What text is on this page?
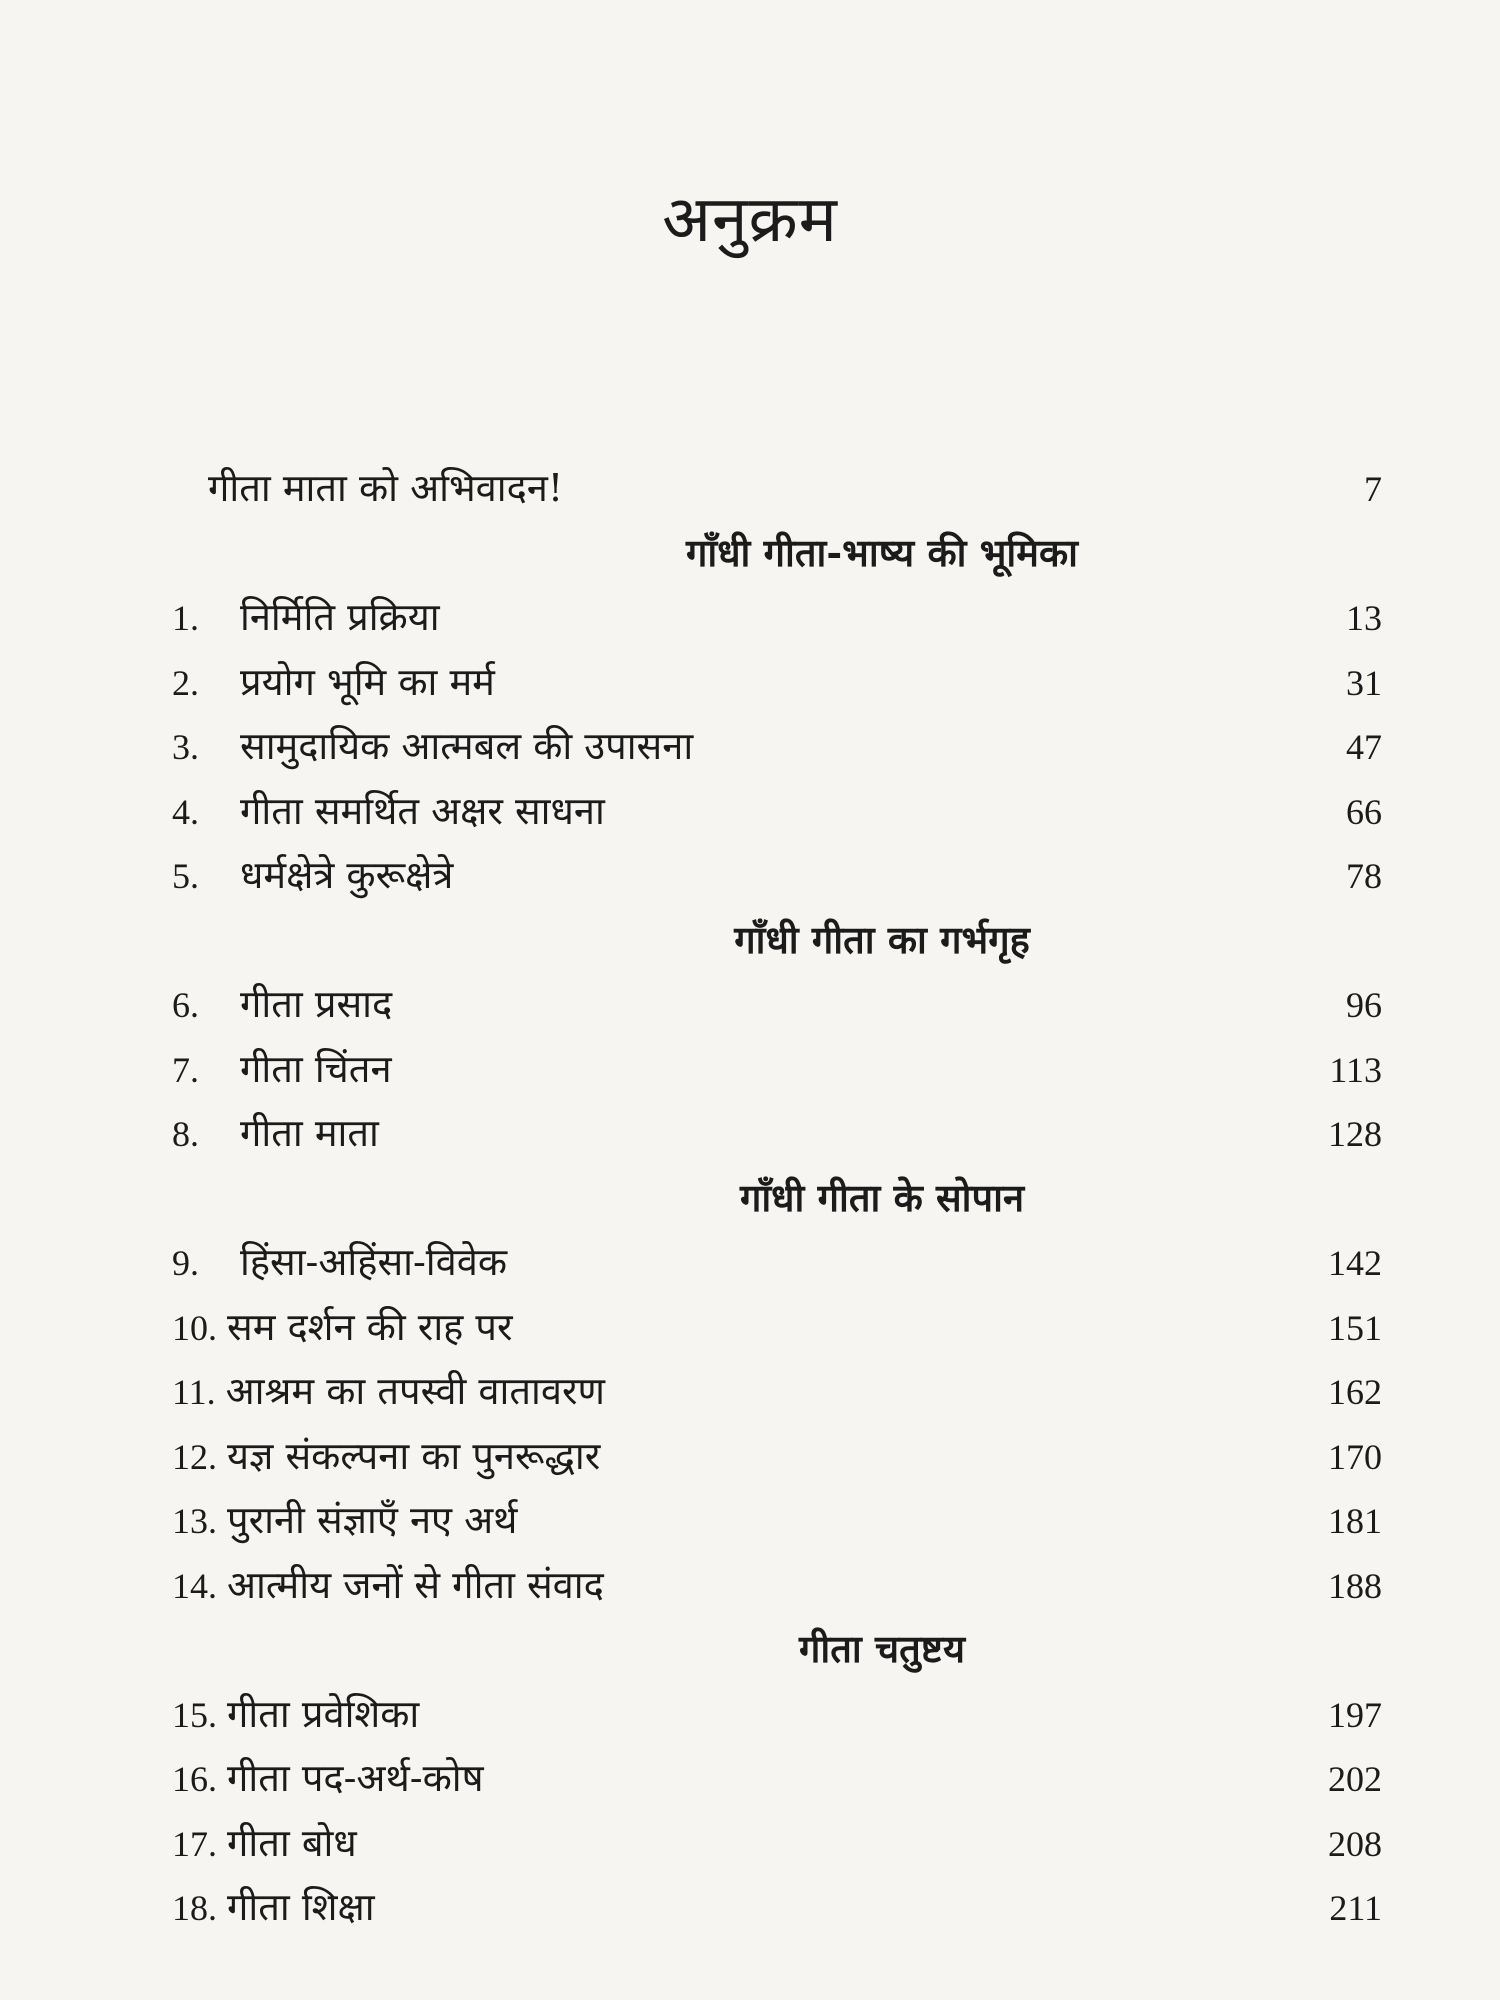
अनुक्रम
गीता माता को अभिवादन!	7
गाँधी गीता-भाष्य की भूमिका
1.	निर्मिति प्रक्रिया	13
2.	प्रयोग भूमि का मर्म	31
3.	सामुदायिक आत्मबल की उपासना	47
4.	गीता समर्थित अक्षर साधना	66
5.	धर्मक्षेत्रे कुरूक्षेत्रे	78
गाँधी गीता का गर्भगृह
6.	गीता प्रसाद	96
7.	गीता चिंतन	113
8.	गीता माता	128
गाँधी गीता के सोपान
9.	हिंसा-अहिंसा-विवेक	142
10. सम दर्शन की राह पर	151
11. आश्रम का तपस्वी वातावरण	162
12. यज्ञ संकल्पना का पुनरूद्धार	170
13. पुरानी संज्ञाएँ नए अर्थ	181
14. आत्मीय जनों से गीता संवाद	188
गीता चतुष्टय
15. गीता प्रवेशिका	197
16. गीता पद-अर्थ-कोष	202
17. गीता बोध	208
18. गीता शिक्षा	211
